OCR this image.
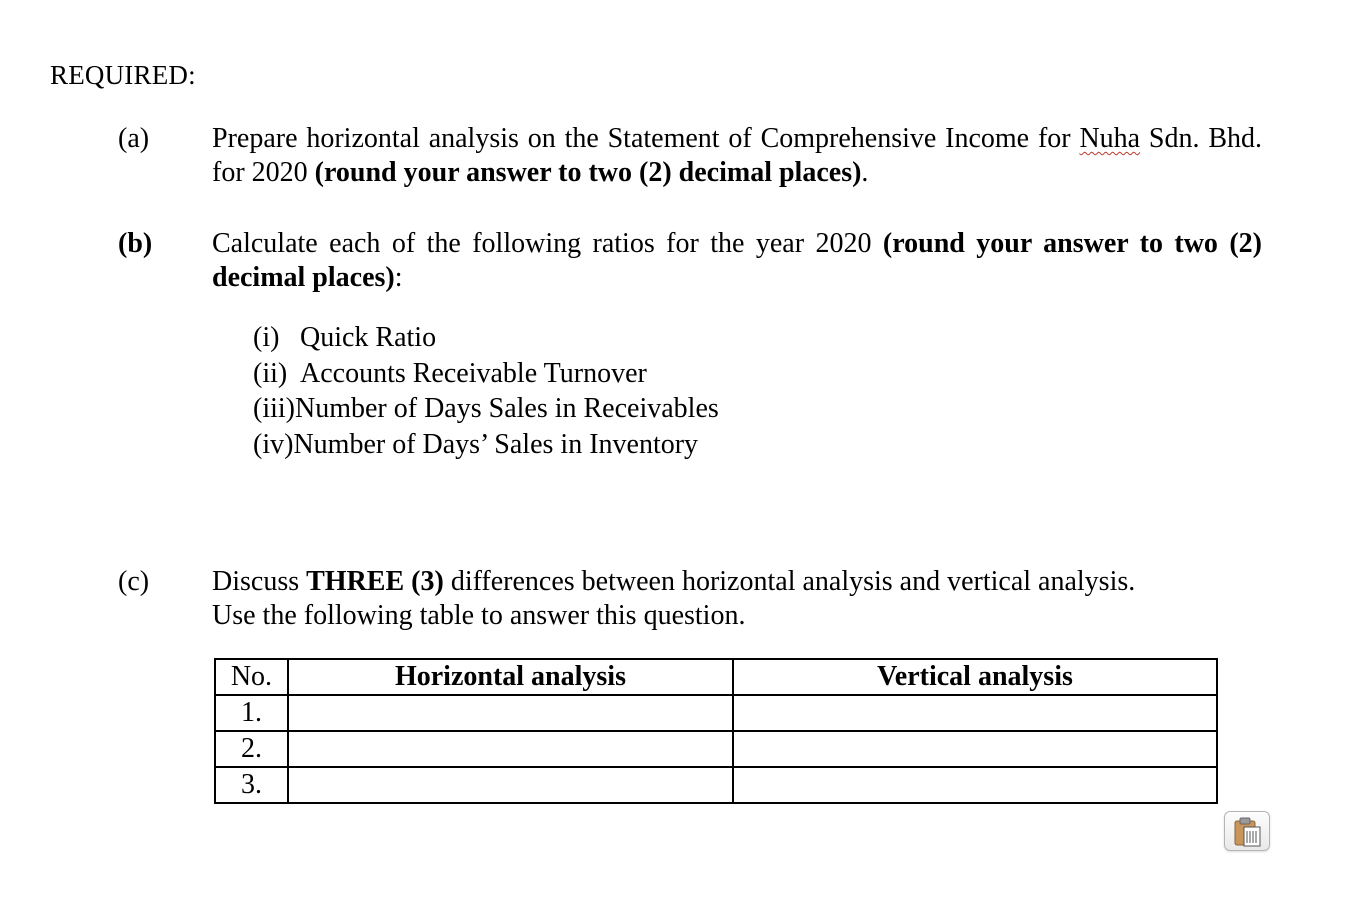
REQUIRED:
(a) Prepare horizontal analysis on the Statement of Comprehensive Income for Nuha Sdn. Bhd. for 2020 (round your answer to two (2) decimal places).
(b) Calculate each of the following ratios for the year 2020 (round your answer to two (2) decimal places):
(i) Quick Ratio
(ii) Accounts Receivable Turnover
(iii)Number of Days Sales in Receivables
(iv)Number of Days’ Sales in Inventory
(c) Discuss THREE (3) differences between horizontal analysis and vertical analysis.
Use the following table to answer this question.
No.	Horizontal analysis	Vertical analysis
1.		
2.		
3.		
